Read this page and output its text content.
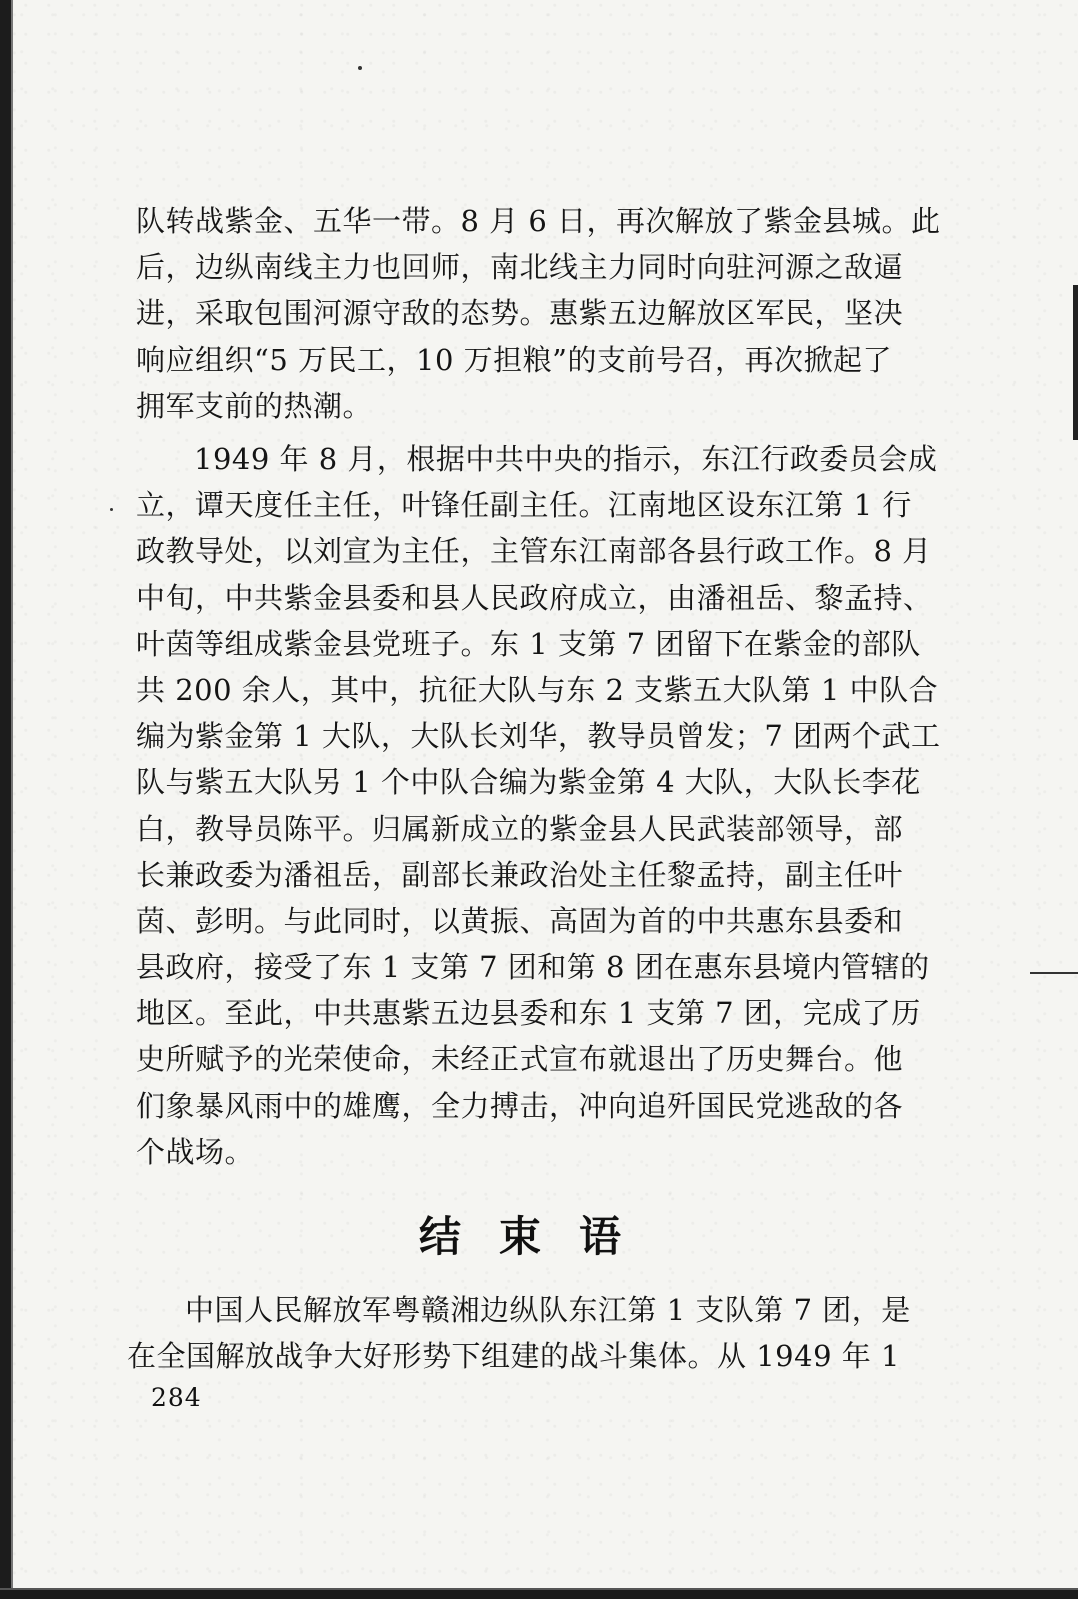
队转战紫金、五华一带。8 月 6 日，再次解放了紫金县城。此
后，边纵南线主力也回师，南北线主力同时向驻河源之敌逼
进，采取包围河源守敌的态势。惠紫五边解放区军民，坚决
响应组织“5 万民工，10 万担粮”的支前号召，再次掀起了
拥军支前的热潮。
1949 年 8 月，根据中共中央的指示，东江行政委员会成
立，谭天度任主任，叶锋任副主任。江南地区设东江第 1 行
政教导处，以刘宣为主任，主管东江南部各县行政工作。8 月
中旬，中共紫金县委和县人民政府成立，由潘祖岳、黎孟持、
叶茵等组成紫金县党班子。东 1 支第 7 团留下在紫金的部队
共 200 余人，其中，抗征大队与东 2 支紫五大队第 1 中队合
编为紫金第 1 大队，大队长刘华，教导员曾发；7 团两个武工
队与紫五大队另 1 个中队合编为紫金第 4 大队，大队长李花
白，教导员陈平。归属新成立的紫金县人民武装部领导，部
长兼政委为潘祖岳，副部长兼政治处主任黎孟持，副主任叶
茵、彭明。与此同时，以黄振、高固为首的中共惠东县委和
县政府，接受了东 1 支第 7 团和第 8 团在惠东县境内管辖的
地区。至此，中共惠紫五边县委和东 1 支第 7 团，完成了历
史所赋予的光荣使命，未经正式宣布就退出了历史舞台。他
们象暴风雨中的雄鹰，全力搏击，冲向追歼国民党逃敌的各
个战场。
结束语
中国人民解放军粤赣湘边纵队东江第 1 支队第 7 团，是
在全国解放战争大好形势下组建的战斗集体。从 1949 年 1
284
